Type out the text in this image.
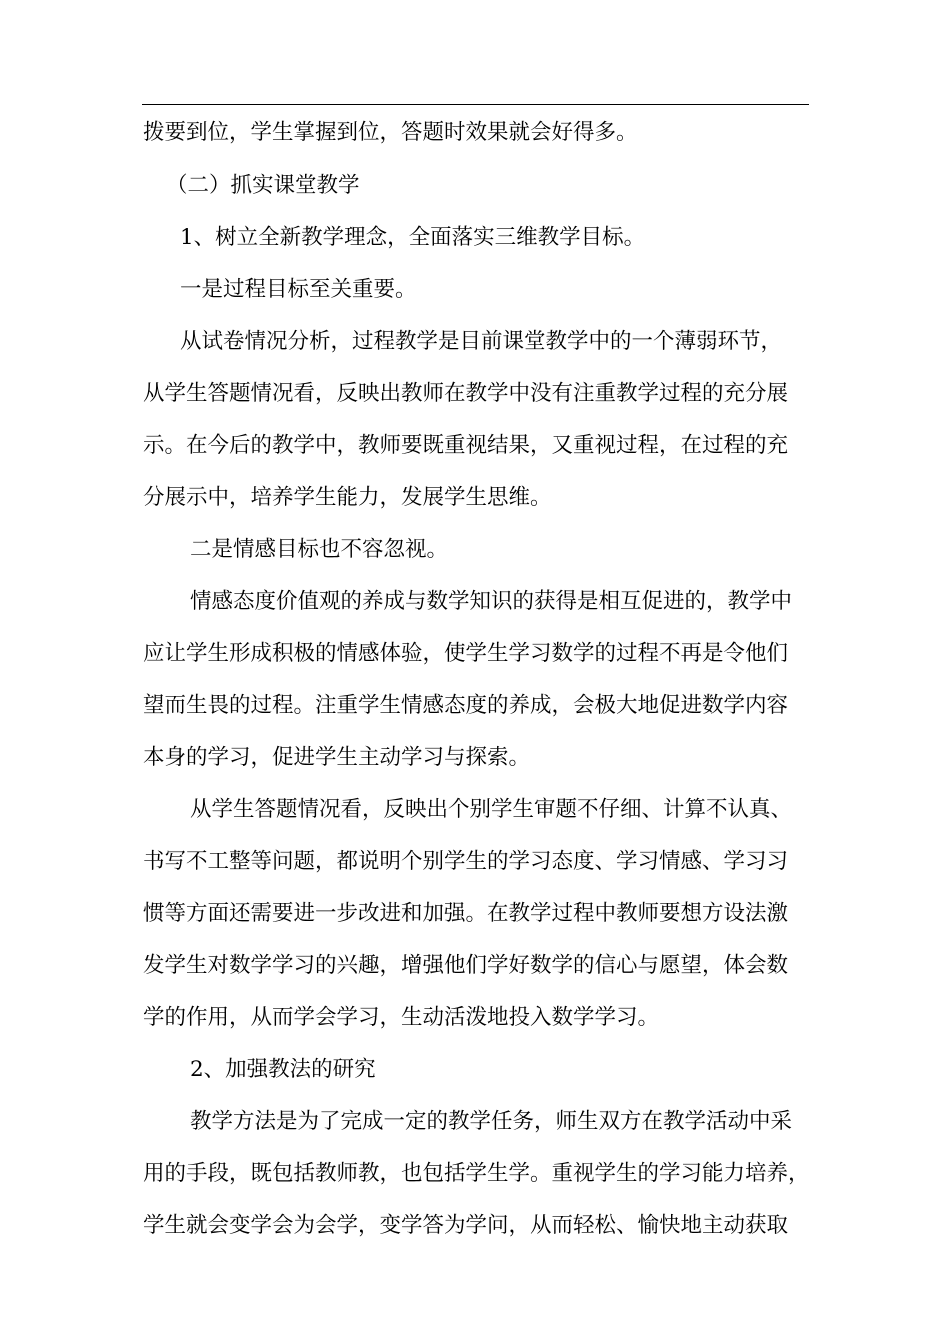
拨要到位，学生掌握到位，答题时效果就会好得多。
（二）抓实课堂教学
1、树立全新教学理念，全面落实三维教学目标。
一是过程目标至关重要。
从试卷情况分析，过程教学是目前课堂教学中的一个薄弱环节，
从学生答题情况看，反映出教师在教学中没有注重教学过程的充分展
示。在今后的教学中，教师要既重视结果，又重视过程，在过程的充
分展示中，培养学生能力，发展学生思维。
二是情感目标也不容忽视。
情感态度价值观的养成与数学知识的获得是相互促进的，教学中
应让学生形成积极的情感体验，使学生学习数学的过程不再是令他们
望而生畏的过程。注重学生情感态度的养成，会极大地促进数学内容
本身的学习，促进学生主动学习与探索。
从学生答题情况看，反映出个别学生审题不仔细、计算不认真、
书写不工整等问题，都说明个别学生的学习态度、学习情感、学习习
惯等方面还需要进一步改进和加强。在教学过程中教师要想方设法激
发学生对数学学习的兴趣，增强他们学好数学的信心与愿望，体会数
学的作用，从而学会学习，生动活泼地投入数学学习。
2、加强教法的研究
教学方法是为了完成一定的教学任务，师生双方在教学活动中采
用的手段，既包括教师教，也包括学生学。重视学生的学习能力培养，
学生就会变学会为会学，变学答为学问，从而轻松、愉快地主动获取
